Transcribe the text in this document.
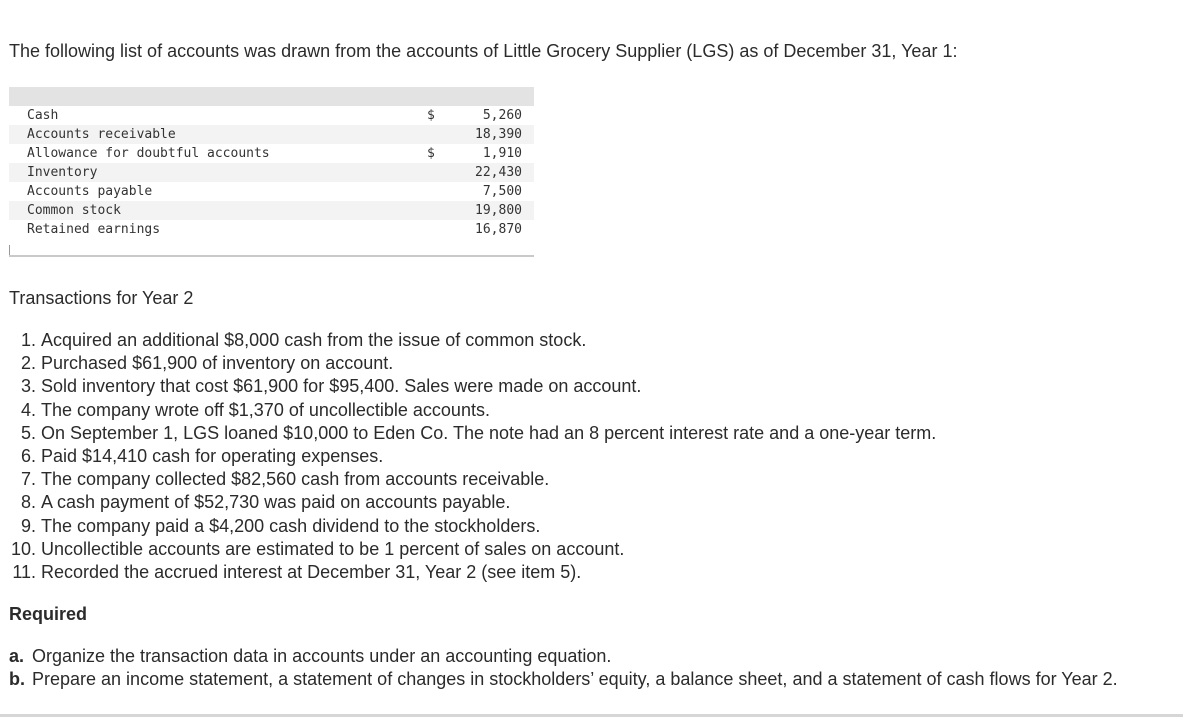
The following list of accounts was drawn from the accounts of Little Grocery Supplier (LGS) as of December 31, Year 1:

Cash	$	5,260
Accounts receivable		18,390
Allowance for doubtful accounts	$	1,910
Inventory		22,430
Accounts payable		7,500
Common stock		19,800
Retained earnings		16,870

Transactions for Year 2

1.
Acquired an additional $8,000 cash from the issue of common stock.
2.
Purchased $61,900 of inventory on account.
3.
Sold inventory that cost $61,900 for $95,400. Sales were made on account.
4.
The company wrote off $1,370 of uncollectible accounts.
5.
On September 1, LGS loaned $10,000 to Eden Co. The note had an 8 percent interest rate and a one-year term.
6.
Paid $14,410 cash for operating expenses.
7.
The company collected $82,560 cash from accounts receivable.
8.
A cash payment of $52,730 was paid on accounts payable.
9.
The company paid a $4,200 cash dividend to the stockholders.
10.
Uncollectible accounts are estimated to be 1 percent of sales on account.
11.
Recorded the accrued interest at December 31, Year 2 (see item 5).

Required

a. Organize the transaction data in accounts under an accounting equation.
b. Prepare an income statement, a statement of changes in stockholders’ equity, a balance sheet, and a statement of cash flows for Year 2.
